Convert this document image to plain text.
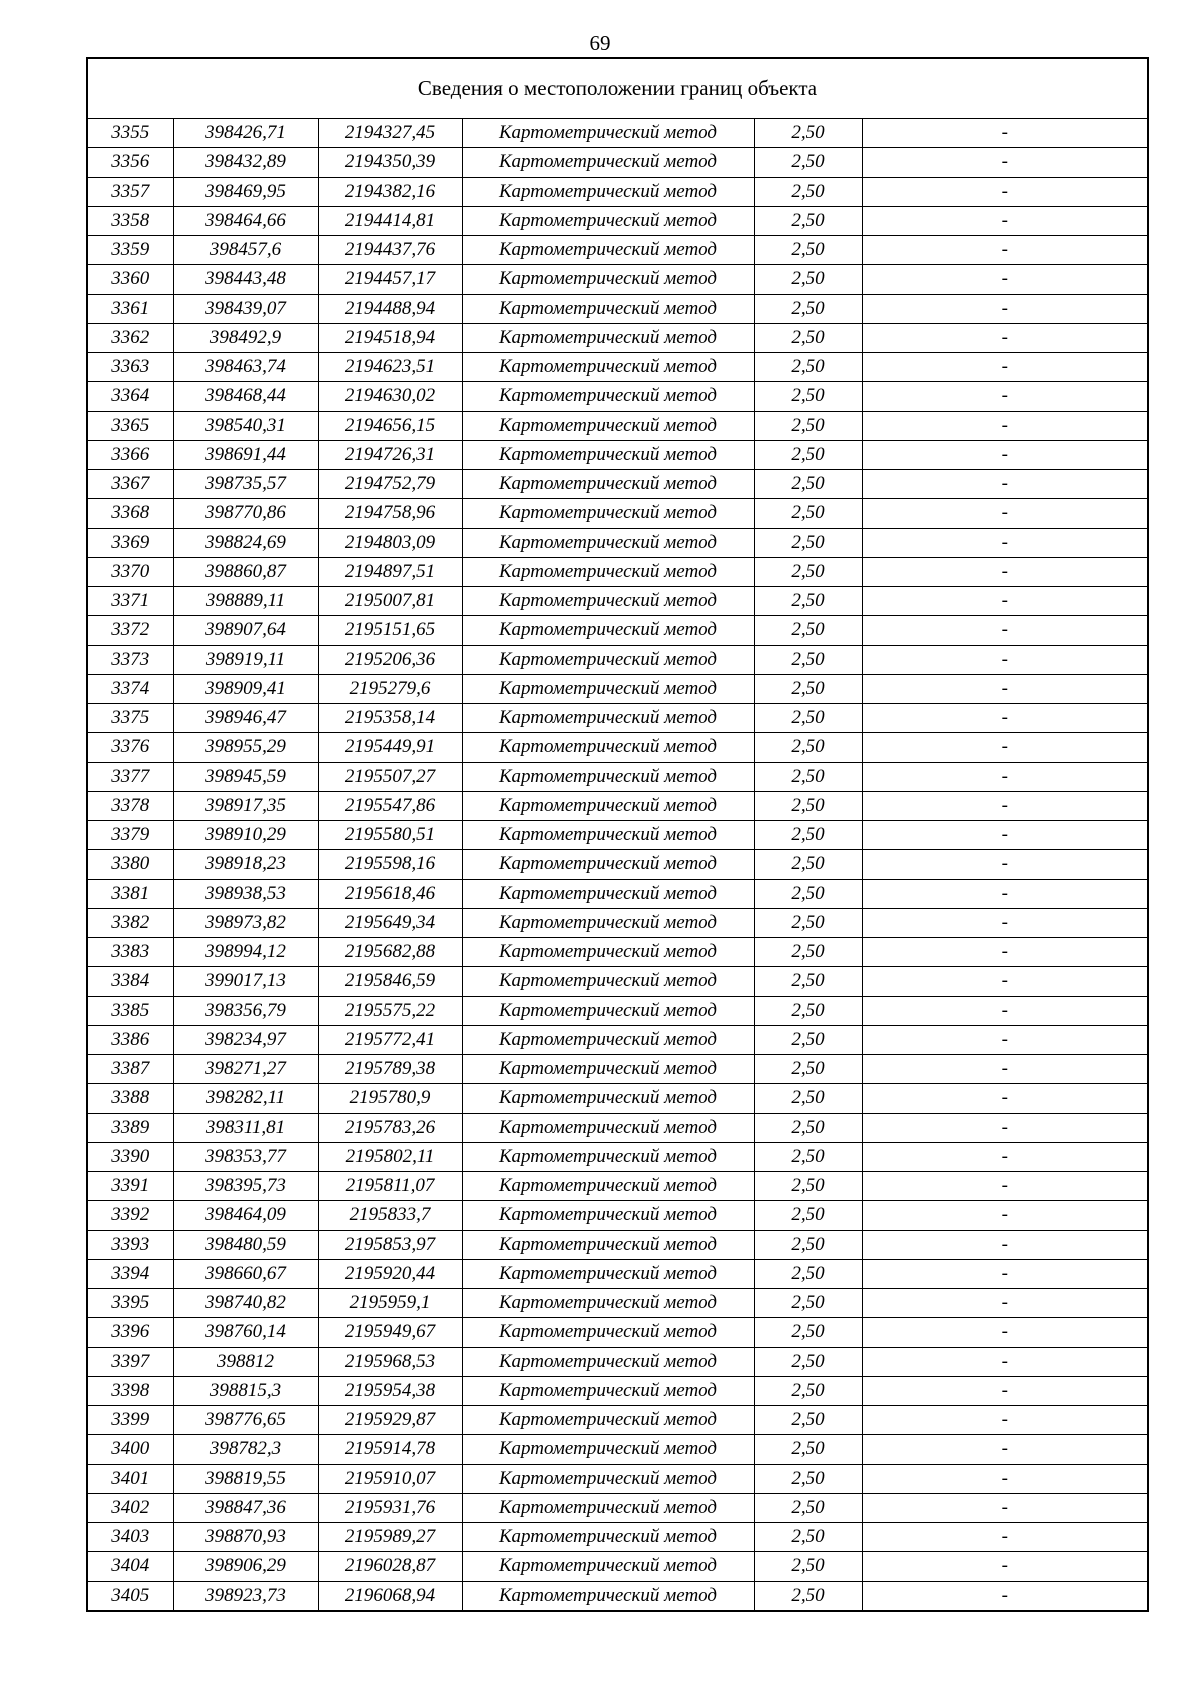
69
Сведения о местоположении границ объекта					
3355	398426,71	2194327,45	Картометрический метод	2,50	-
3356	398432,89	2194350,39	Картометрический метод	2,50	-
3357	398469,95	2194382,16	Картометрический метод	2,50	-
3358	398464,66	2194414,81	Картометрический метод	2,50	-
3359	398457,6	2194437,76	Картометрический метод	2,50	-
3360	398443,48	2194457,17	Картометрический метод	2,50	-
3361	398439,07	2194488,94	Картометрический метод	2,50	-
3362	398492,9	2194518,94	Картометрический метод	2,50	-
3363	398463,74	2194623,51	Картометрический метод	2,50	-
3364	398468,44	2194630,02	Картометрический метод	2,50	-
3365	398540,31	2194656,15	Картометрический метод	2,50	-
3366	398691,44	2194726,31	Картометрический метод	2,50	-
3367	398735,57	2194752,79	Картометрический метод	2,50	-
3368	398770,86	2194758,96	Картометрический метод	2,50	-
3369	398824,69	2194803,09	Картометрический метод	2,50	-
3370	398860,87	2194897,51	Картометрический метод	2,50	-
3371	398889,11	2195007,81	Картометрический метод	2,50	-
3372	398907,64	2195151,65	Картометрический метод	2,50	-
3373	398919,11	2195206,36	Картометрический метод	2,50	-
3374	398909,41	2195279,6	Картометрический метод	2,50	-
3375	398946,47	2195358,14	Картометрический метод	2,50	-
3376	398955,29	2195449,91	Картометрический метод	2,50	-
3377	398945,59	2195507,27	Картометрический метод	2,50	-
3378	398917,35	2195547,86	Картометрический метод	2,50	-
3379	398910,29	2195580,51	Картометрический метод	2,50	-
3380	398918,23	2195598,16	Картометрический метод	2,50	-
3381	398938,53	2195618,46	Картометрический метод	2,50	-
3382	398973,82	2195649,34	Картометрический метод	2,50	-
3383	398994,12	2195682,88	Картометрический метод	2,50	-
3384	399017,13	2195846,59	Картометрический метод	2,50	-
3385	398356,79	2195575,22	Картометрический метод	2,50	-
3386	398234,97	2195772,41	Картометрический метод	2,50	-
3387	398271,27	2195789,38	Картометрический метод	2,50	-
3388	398282,11	2195780,9	Картометрический метод	2,50	-
3389	398311,81	2195783,26	Картометрический метод	2,50	-
3390	398353,77	2195802,11	Картометрический метод	2,50	-
3391	398395,73	2195811,07	Картометрический метод	2,50	-
3392	398464,09	2195833,7	Картометрический метод	2,50	-
3393	398480,59	2195853,97	Картометрический метод	2,50	-
3394	398660,67	2195920,44	Картометрический метод	2,50	-
3395	398740,82	2195959,1	Картометрический метод	2,50	-
3396	398760,14	2195949,67	Картометрический метод	2,50	-
3397	398812	2195968,53	Картометрический метод	2,50	-
3398	398815,3	2195954,38	Картометрический метод	2,50	-
3399	398776,65	2195929,87	Картометрический метод	2,50	-
3400	398782,3	2195914,78	Картометрический метод	2,50	-
3401	398819,55	2195910,07	Картометрический метод	2,50	-
3402	398847,36	2195931,76	Картометрический метод	2,50	-
3403	398870,93	2195989,27	Картометрический метод	2,50	-
3404	398906,29	2196028,87	Картометрический метод	2,50	-
3405	398923,73	2196068,94	Картометрический метод	2,50	-
